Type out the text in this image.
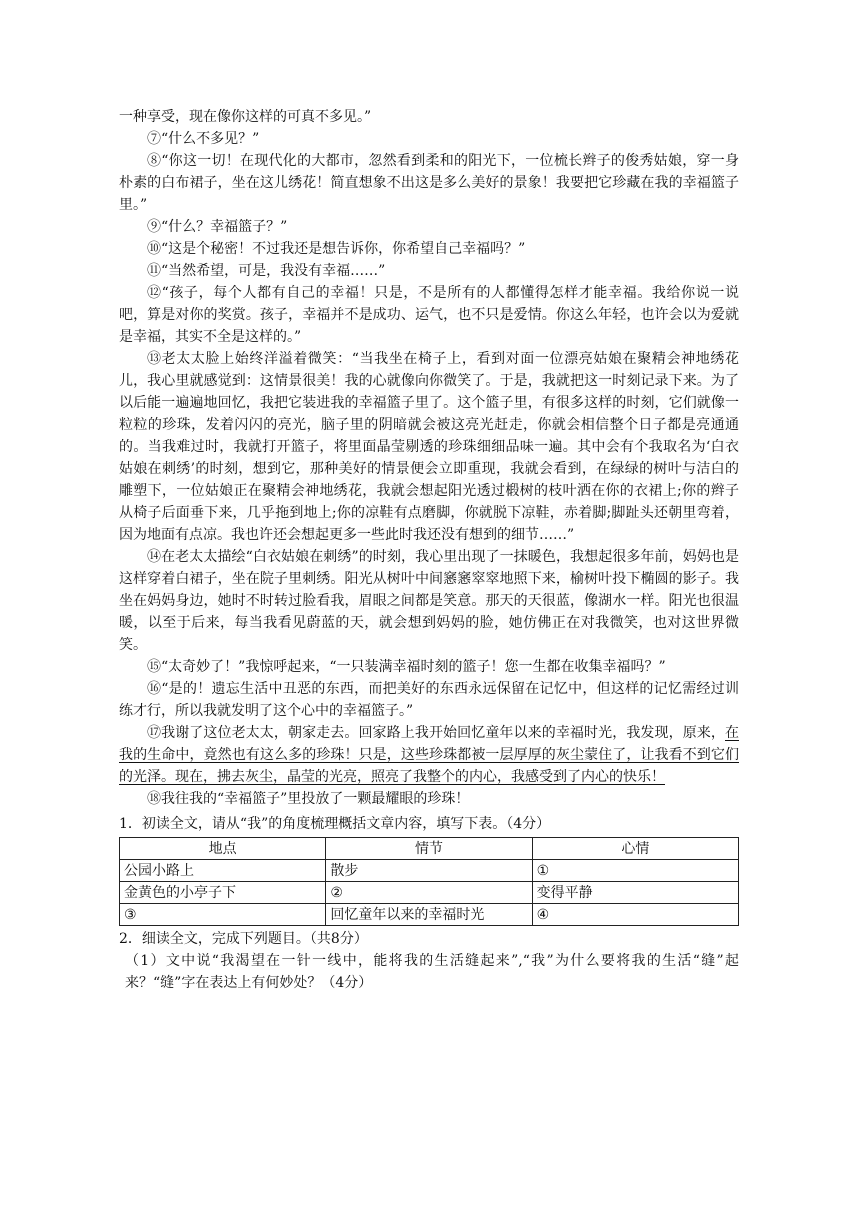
一种享受，现在像你这样的可真不多见。”

⑦“什么不多见？”

⑧“你这一切！在现代化的大都市，忽然看到柔和的阳光下，一位梳长辫子的俊秀姑娘，穿一身朴素的白布裙子，坐在这儿绣花！简直想象不出这是多么美好的景象！我要把它珍藏在我的幸福篮子里。”

⑨“什么？幸福篮子？”

⑩“这是个秘密！不过我还是想告诉你，你希望自己幸福吗？”

⑪“当然希望，可是，我没有幸福……”

⑫“孩子，每个人都有自己的幸福！只是，不是所有的人都懂得怎样才能幸福。我给你说一说吧，算是对你的奖赏。孩子，幸福并不是成功、运气，也不只是爱情。你这么年轻，也许会以为爱就是幸福，其实不全是这样的。”

⑬老太太脸上始终洋溢着微笑：“当我坐在椅子上，看到对面一位漂亮姑娘在聚精会神地绣花儿，我心里就感觉到：这情景很美！我的心就像向你微笑了。于是，我就把这一时刻记录下来。为了以后能一遍遍地回忆，我把它装进我的幸福篮子里了。这个篮子里，有很多这样的时刻，它们就像一粒粒的珍珠，发着闪闪的亮光，脑子里的阴暗就会被这亮光赶走，你就会相信整个日子都是亮通通的。当我难过时，我就打开篮子，将里面晶莹剔透的珍珠细细品味一遍。其中会有个我取名为‘白衣姑娘在刺绣’的时刻，想到它，那种美好的情景便会立即重现，我就会看到，在绿绿的树叶与洁白的雕塑下，一位姑娘正在聚精会神地绣花，我就会想起阳光透过椴树的枝叶洒在你的衣裙上;你的辫子从椅子后面垂下来，几乎拖到地上;你的凉鞋有点磨脚，你就脱下凉鞋，赤着脚;脚趾头还朝里弯着，因为地面有点凉。我也许还会想起更多一些此时我还没有想到的细节……”

⑭在老太太描绘“白衣姑娘在刺绣”的时刻，我心里出现了一抹暖色，我想起很多年前，妈妈也是这样穿着白裙子，坐在院子里刺绣。阳光从树叶中间窸窸窣窣地照下来，榆树叶投下椭圆的影子。我坐在妈妈身边，她时不时转过脸看我，眉眼之间都是笑意。那天的天很蓝，像湖水一样。阳光也很温暖，以至于后来，每当我看见蔚蓝的天，就会想到妈妈的脸，她仿佛正在对我微笑，也对这世界微笑。

⑮“太奇妙了！”我惊呼起来，“一只装满幸福时刻的篮子！您一生都在收集幸福吗？”

⑯“是的！遗忘生活中丑恶的东西，而把美好的东西永远保留在记忆中，但这样的记忆需经过训练才行，所以我就发明了这个心中的幸福篮子。”

⑰我谢了这位老太太，朝家走去。回家路上我开始回忆童年以来的幸福时光，我发现，原来，在我的生命中，竟然也有这么多的珍珠！只是，这些珍珠都被一层厚厚的灰尘蒙住了，让我看不到它们的光泽。现在，拂去灰尘，晶莹的光亮，照亮了我整个的内心，我感受到了内心的快乐！

⑱我往我的“幸福篮子”里投放了一颗最耀眼的珍珠！

1．初读全文，请从“我”的角度梳理概括文章内容，填写下表。（4分）

地点	情节	心情
公园小路上	散步	①
金黄色的小亭子下	②	变得平静
③	回忆童年以来的幸福时光	④

2．细读全文，完成下列题目。（共8分）

（1）文中说“我渴望在一针一线中，能将我的生活缝起来”,“我”为什么要将我的生活“缝”起来？“缝”字在表达上有何妙处？（4分）
